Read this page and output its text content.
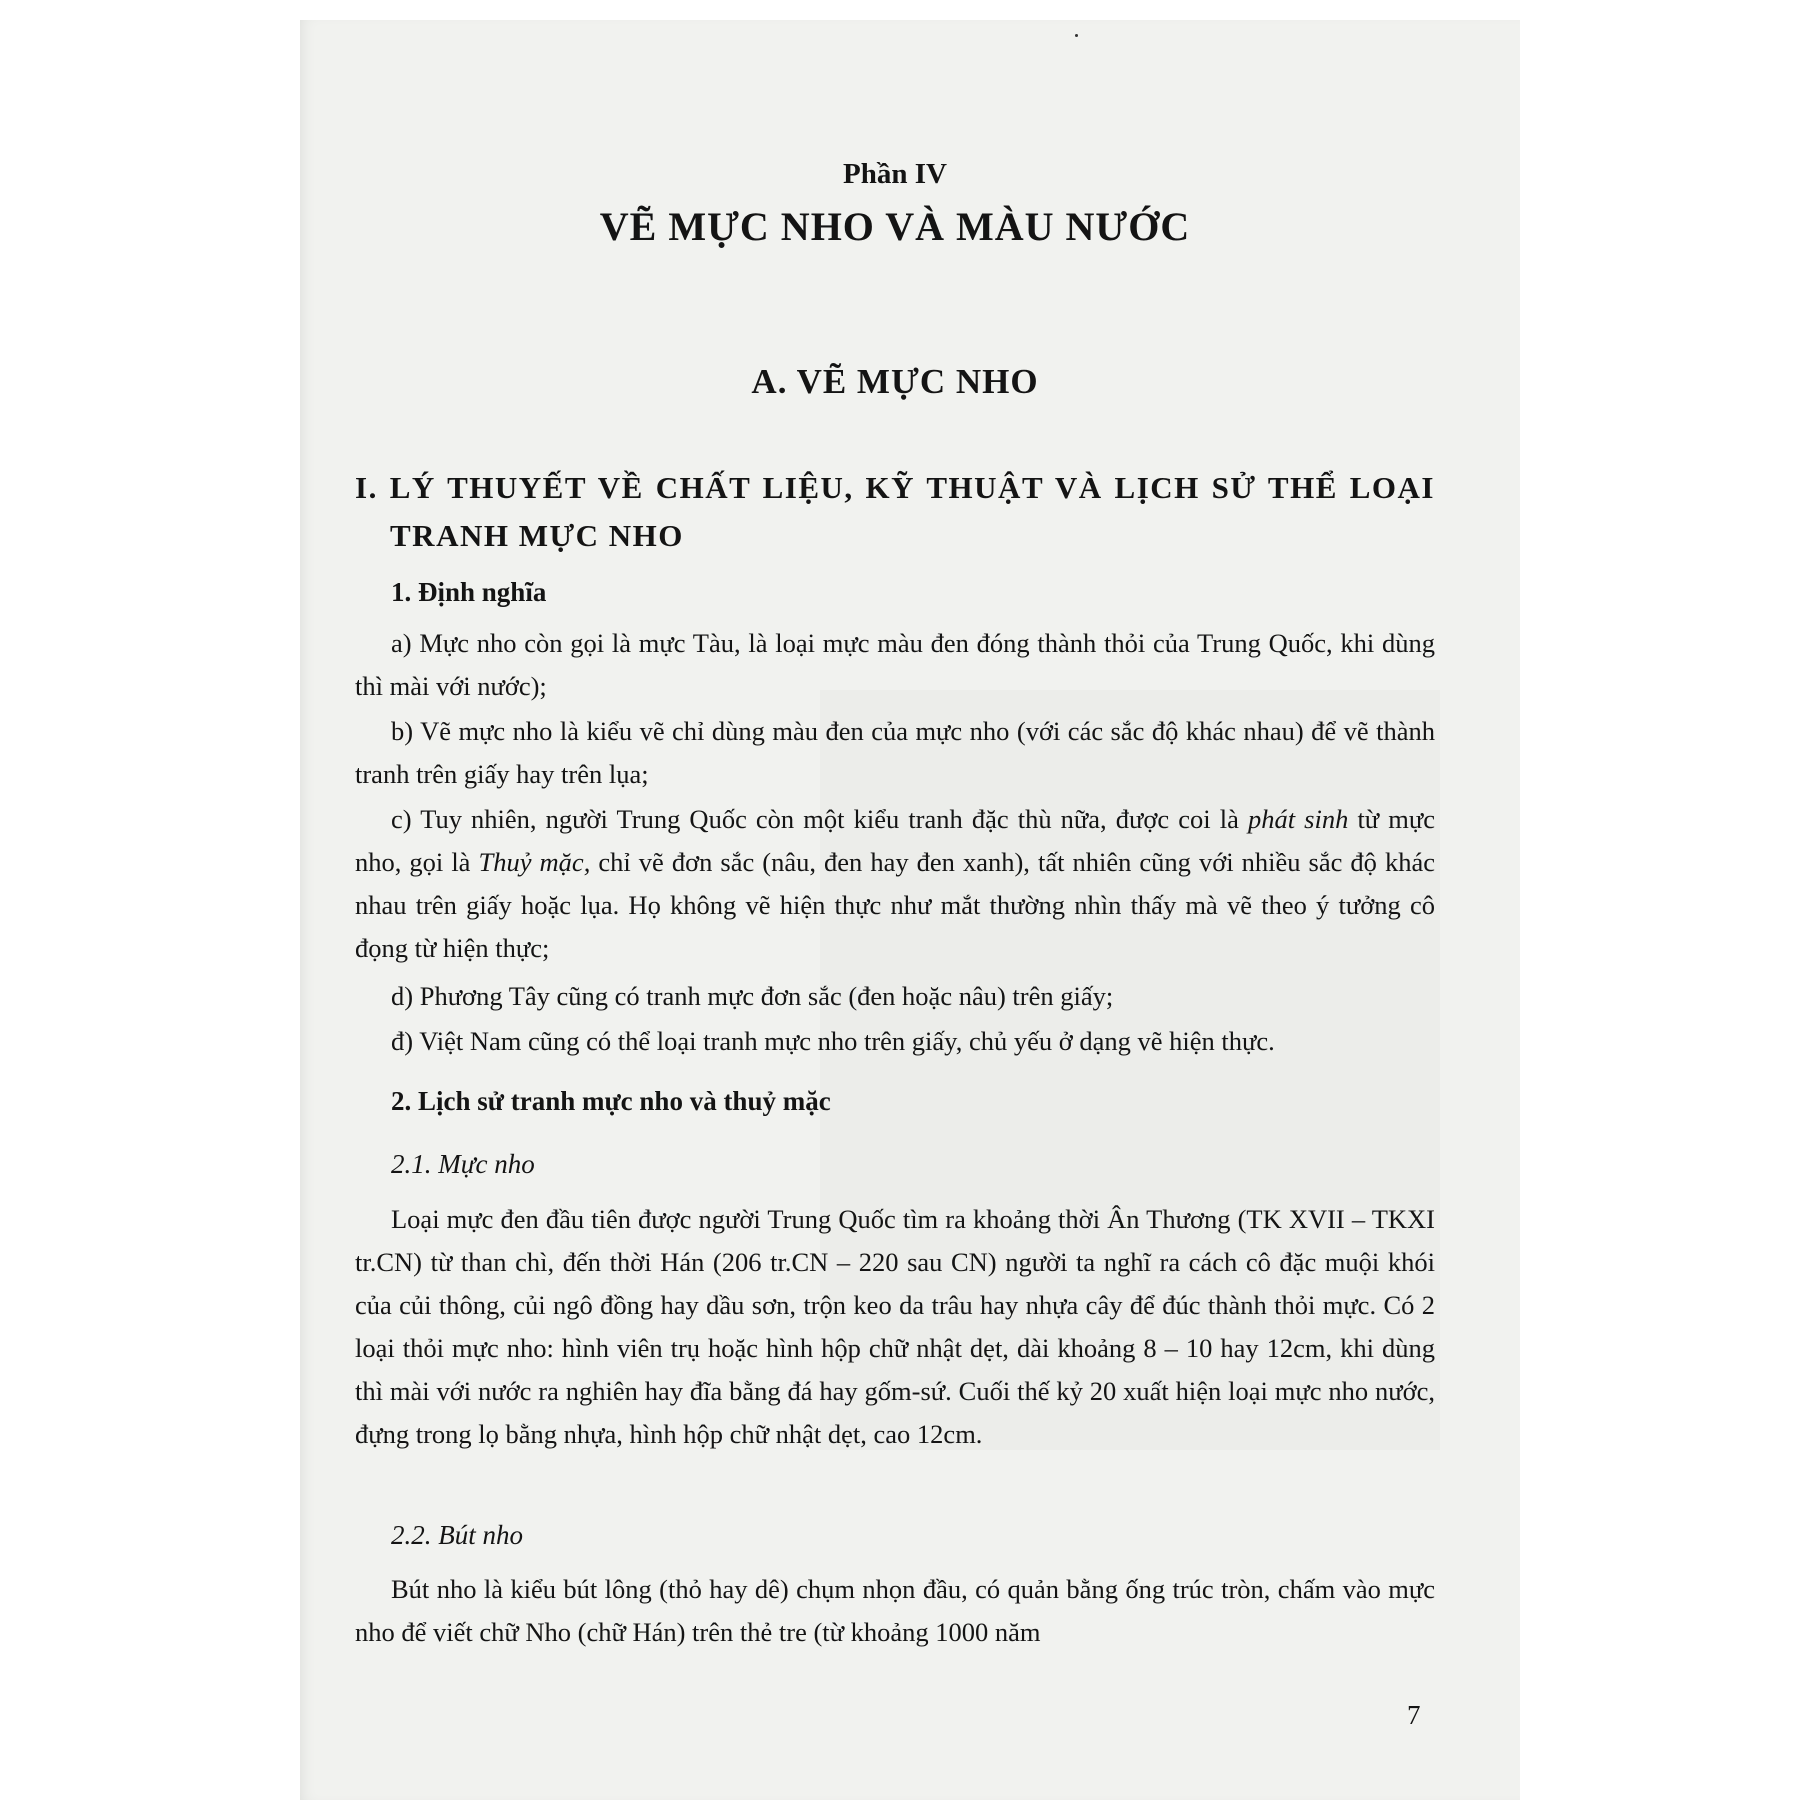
Phần IV
VẼ MỰC NHO VÀ MÀU NƯỚC
A. VẼ MỰC NHO
I. LÝ THUYẾT VỀ CHẤT LIỆU, KỸ THUẬT VÀ LỊCH SỬ THỂ LOẠI TRANH MỰC NHO
1. Định nghĩa
a) Mực nho còn gọi là mực Tàu, là loại mực màu đen đóng thành thỏi của Trung Quốc, khi dùng thì mài với nước);
b) Vẽ mực nho là kiểu vẽ chỉ dùng màu đen của mực nho (với các sắc độ khác nhau) để vẽ thành tranh trên giấy hay trên lụa;
c) Tuy nhiên, người Trung Quốc còn một kiểu tranh đặc thù nữa, được coi là phát sinh từ mực nho, gọi là Thuỷ mặc, chỉ vẽ đơn sắc (nâu, đen hay đen xanh), tất nhiên cũng với nhiều sắc độ khác nhau trên giấy hoặc lụa. Họ không vẽ hiện thực như mắt thường nhìn thấy mà vẽ theo ý tưởng cô đọng từ hiện thực;
d) Phương Tây cũng có tranh mực đơn sắc (đen hoặc nâu) trên giấy;
đ) Việt Nam cũng có thể loại tranh mực nho trên giấy, chủ yếu ở dạng vẽ hiện thực.
2. Lịch sử tranh mực nho và thuỷ mặc
2.1. Mực nho
Loại mực đen đầu tiên được người Trung Quốc tìm ra khoảng thời Ân Thương (TK XVII – TKXI tr.CN) từ than chì, đến thời Hán (206 tr.CN – 220 sau CN) người ta nghĩ ra cách cô đặc muội khói của củi thông, củi ngô đồng hay dầu sơn, trộn keo da trâu hay nhựa cây để đúc thành thỏi mực. Có 2 loại thỏi mực nho: hình viên trụ hoặc hình hộp chữ nhật dẹt, dài khoảng 8 – 10 hay 12cm, khi dùng thì mài với nước ra nghiên hay đĩa bằng đá hay gốm-sứ. Cuối thế kỷ 20 xuất hiện loại mực nho nước, đựng trong lọ bằng nhựa, hình hộp chữ nhật dẹt, cao 12cm.
2.2. Bút nho
Bút nho là kiểu bút lông (thỏ hay dê) chụm nhọn đầu, có quản bằng ống trúc tròn, chấm vào mực nho để viết chữ Nho (chữ Hán) trên thẻ tre (từ khoảng 1000 năm
7
